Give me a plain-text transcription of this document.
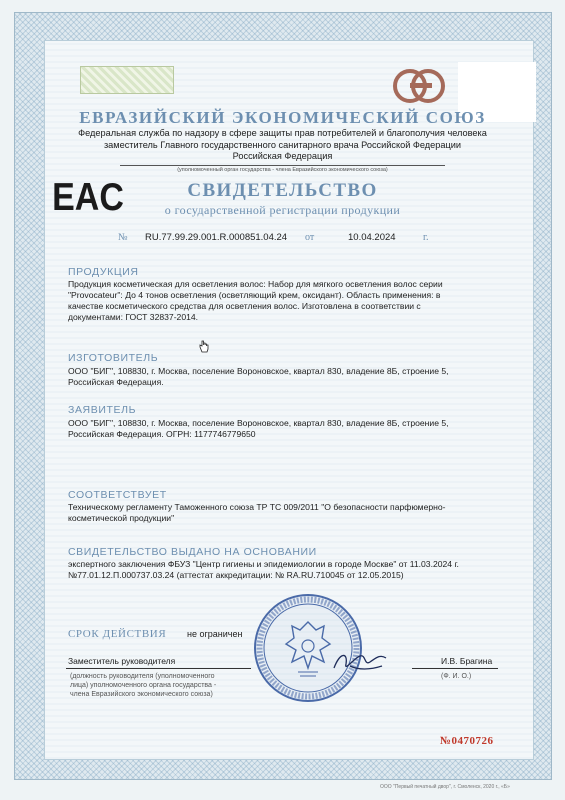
ЕВРАЗИЙСКИЙ ЭКОНОМИЧЕСКИЙ СОЮЗ
Федеральная служба по надзору в сфере защиты прав потребителей и благополучия человека
заместитель Главного государственного санитарного врача Российской Федерации
Российская Федерация
(уполномоченный орган государства - члена Евразийского экономического союза)
EAC	СВИДЕТЕЛЬСТВО
о государственной регистрации продукции
№ RU.77.99.29.001.R.000851.04.24 от	10.04.2024	г.
ПРОДУКЦИЯ
Продукция косметическая для осветления волос: Набор для мягкого осветления волос серии
"Provocateur": До 4 тонов осветления (осветляющий крем, оксидант). Область применения: в
качестве косметического средства для осветления волос. Изготовлена в соответствии с
документами: ГОСТ 32837-2014.
ИЗГОТОВИТЕЛЬ
ООО "БИГ", 108830, г. Москва, поселение Вороновское, квартал 830, владение 8Б, строение 5,
Российская Федерация.
ЗАЯВИТЕЛЬ
ООО "БИГ", 108830, г. Москва, поселение Вороновское, квартал 830, владение 8Б, строение 5,
Российская Федерация. ОГРН: 1177746779650
СООТВЕТСТВУЕТ
Техническому регламенту Таможенного союза ТР ТС 009/2011 "О безопасности парфюмерно-
косметической продукции"
СВИДЕТЕЛЬСТВО ВЫДАНО НА ОСНОВАНИИ
экспертного заключения ФБУЗ "Центр гигиены и эпидемиологии в городе Москве" от 11.03.2024 г.
№77.01.12.П.000737.03.24 (аттестат аккредитации: № RA.RU.710045 от 12.05.2015)
СРОК ДЕЙСТВИЯ не ограничен
Заместитель руководителя	И.В. Брагина
(должность руководителя (уполномоченного
лица) уполномоченного органа государства -
члена Евразийского экономического союза)
(Ф. И. О.)
№0470726
ООО "Первый печатный двор", г. Смоленск, 2020 г., «Б»
